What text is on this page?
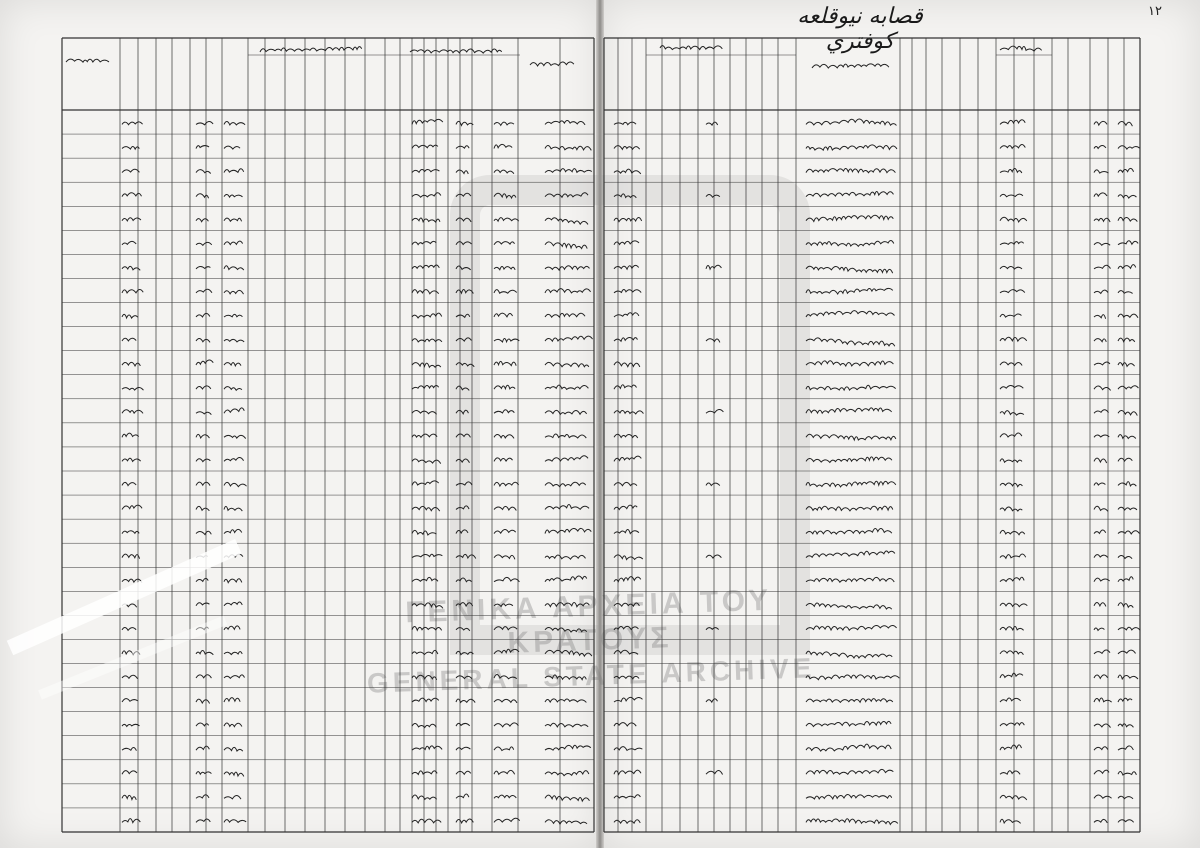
قصابه نيوقلعه كوفتري
١٢
ΓΕΝΙΚΑ ΑΡΧΕΙΑ ΤΟΥ ΚΡΑΤΟΥΣ
GENERAL STATE ARCHIVE
